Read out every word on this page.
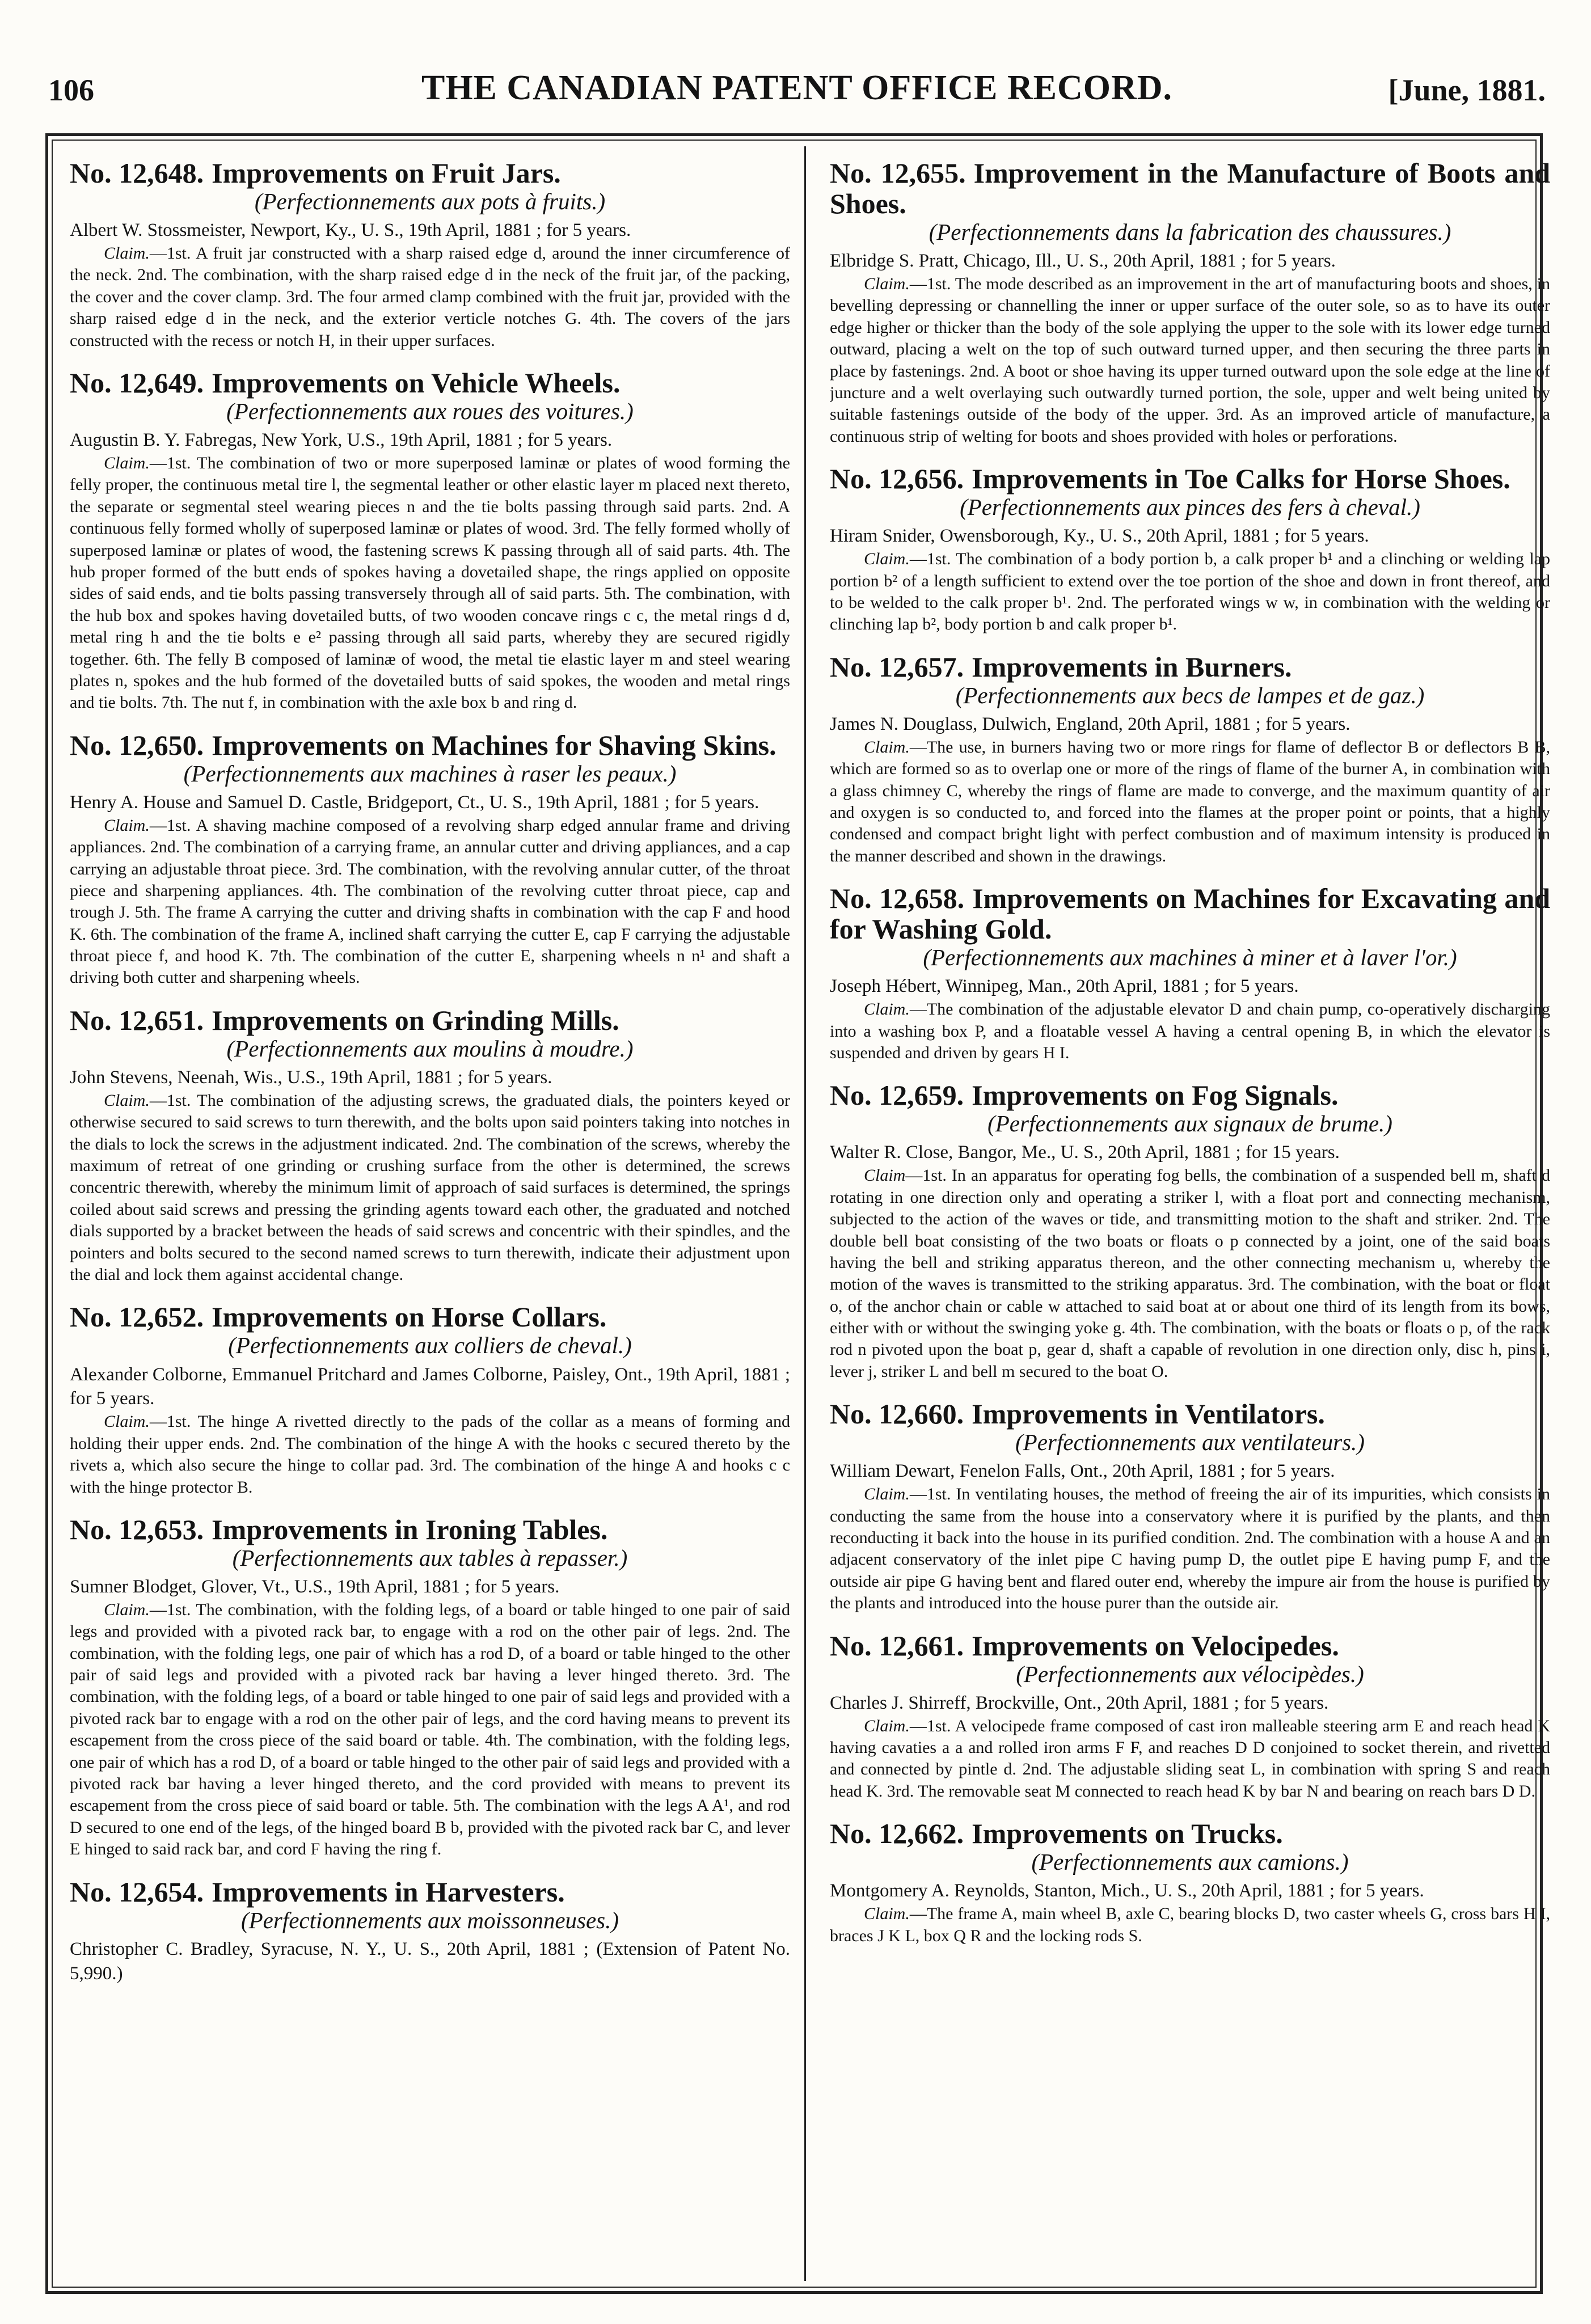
106	THE CANADIAN PATENT OFFICE RECORD.	[June, 1881.
No. 12,648. Improvements on Fruit Jars.
(Perfectionnements aux pots à fruits.)
Albert W. Stossmeister, Newport, Ky., U. S., 19th April, 1881 ; for 5 years.
Claim.—1st. A fruit jar constructed with a sharp raised edge d, around the inner circumference of the neck. 2nd. The combination, with the sharp raised edge d in the neck of the fruit jar, of the packing, the cover and the cover clamp. 3rd. The four armed clamp combined with the fruit jar, provided with the sharp raised edge d in the neck, and the exterior verticle notches G. 4th. The covers of the jars constructed with the recess or notch H, in their upper surfaces.
No. 12,649. Improvements on Vehicle Wheels.
(Perfectionnements aux roues des voitures.)
Augustin B. Y. Fabregas, New York, U.S., 19th April, 1881 ; for 5 years.
Claim.—1st. The combination of two or more superposed laminæ or plates of wood forming the felly proper, the continuous metal tire l, the segmental leather or other elastic layer m placed next thereto, the separate or segmental steel wearing pieces n and the tie bolts passing through said parts. 2nd. A continuous felly formed wholly of superposed laminæ or plates of wood. 3rd. The felly formed wholly of superposed laminæ or plates of wood, the fastening screws K passing through all of said parts. 4th. The hub proper formed of the butt ends of spokes having a dovetailed shape, the rings applied on opposite sides of said ends, and tie bolts passing transversely through all of said parts. 5th. The combination, with the hub box and spokes having dovetailed butts, of two wooden concave rings c c, the metal rings d d, metal ring h and the tie bolts e e² passing through all said parts, whereby they are secured rigidly together. 6th. The felly B composed of laminæ of wood, the metal tie elastic layer m and steel wearing plates n, spokes and the hub formed of the dovetailed butts of said spokes, the wooden and metal rings and tie bolts. 7th. The nut f, in combination with the axle box b and ring d.
No. 12,650. Improvements on Machines for Shaving Skins.
(Perfectionnements aux machines à raser les peaux.)
Henry A. House and Samuel D. Castle, Bridgeport, Ct., U. S., 19th April, 1881 ; for 5 years.
Claim.—1st. A shaving machine composed of a revolving sharp edged annular frame and driving appliances. 2nd. The combination of a carrying frame, an annular cutter and driving appliances, and a cap carrying an adjustable throat piece. 3rd. The combination, with the revolving annular cutter, of the throat piece and sharpening appliances. 4th. The combination of the revolving cutter throat piece, cap and trough J. 5th. The frame A carrying the cutter and driving shafts in combination with the cap F and hood K. 6th. The combination of the frame A, inclined shaft carrying the cutter E, cap F carrying the adjustable throat piece f, and hood K. 7th. The combination of the cutter E, sharpening wheels n n¹ and shaft a driving both cutter and sharpening wheels.
No. 12,651. Improvements on Grinding Mills.
(Perfectionnements aux moulins à moudre.)
John Stevens, Neenah, Wis., U.S., 19th April, 1881 ; for 5 years.
Claim.—1st. The combination of the adjusting screws, the graduated dials, the pointers keyed or otherwise secured to said screws to turn therewith, and the bolts upon said pointers taking into notches in the dials to lock the screws in the adjustment indicated. 2nd. The combination of the screws, whereby the maximum of retreat of one grinding or crushing surface from the other is determined, the screws concentric therewith, whereby the minimum limit of approach of said surfaces is determined, the springs coiled about said screws and pressing the grinding agents toward each other, the graduated and notched dials supported by a bracket between the heads of said screws and concentric with their spindles, and the pointers and bolts secured to the second named screws to turn therewith, indicate their adjustment upon the dial and lock them against accidental change.
No. 12,652. Improvements on Horse Collars.
(Perfectionnements aux colliers de cheval.)
Alexander Colborne, Emmanuel Pritchard and James Colborne, Paisley, Ont., 19th April, 1881 ; for 5 years.
Claim.—1st. The hinge A rivetted directly to the pads of the collar as a means of forming and holding their upper ends. 2nd. The combination of the hinge A with the hooks c secured thereto by the rivets a, which also secure the hinge to collar pad. 3rd. The combination of the hinge A and hooks c c with the hinge protector B.
No. 12,653. Improvements in Ironing Tables.
(Perfectionnements aux tables à repasser.)
Sumner Blodget, Glover, Vt., U.S., 19th April, 1881 ; for 5 years.
Claim.—1st. The combination, with the folding legs, of a board or table hinged to one pair of said legs and provided with a pivoted rack bar, to engage with a rod on the other pair of legs. 2nd. The combination, with the folding legs, one pair of which has a rod D, of a board or table hinged to the other pair of said legs and provided with a pivoted rack bar having a lever hinged thereto. 3rd. The combination, with the folding legs, of a board or table hinged to one pair of said legs and provided with a pivoted rack bar to engage with a rod on the other pair of legs, and the cord having means to prevent its escapement from the cross piece of the said board or table. 4th. The combination, with the folding legs, one pair of which has a rod D, of a board or table hinged to the other pair of said legs and provided with a pivoted rack bar having a lever hinged thereto, and the cord provided with means to prevent its escapement from the cross piece of said board or table. 5th. The combination with the legs A A¹, and rod D secured to one end of the legs, of the hinged board B b, provided with the pivoted rack bar C, and lever E hinged to said rack bar, and cord F having the ring f.
No. 12,654. Improvements in Harvesters.
(Perfectionnements aux moissonneuses.)
Christopher C. Bradley, Syracuse, N. Y., U. S., 20th April, 1881 ; (Extension of Patent No. 5,990.)
No. 12,655. Improvement in the Manufacture of Boots and Shoes.
(Perfectionnements dans la fabrication des chaussures.)
Elbridge S. Pratt, Chicago, Ill., U. S., 20th April, 1881 ; for 5 years.
Claim.—1st. The mode described as an improvement in the art of manufacturing boots and shoes, in bevelling depressing or channelling the inner or upper surface of the outer sole, so as to have its outer edge higher or thicker than the body of the sole applying the upper to the sole with its lower edge turned outward, placing a welt on the top of such outward turned upper, and then securing the three parts in place by fastenings. 2nd. A boot or shoe having its upper turned outward upon the sole edge at the line of juncture and a welt overlaying such outwardly turned portion, the sole, upper and welt being united by suitable fastenings outside of the body of the upper. 3rd. As an improved article of manufacture, a continuous strip of welting for boots and shoes provided with holes or perforations.
No. 12,656. Improvements in Toe Calks for Horse Shoes.
(Perfectionnements aux pinces des fers à cheval.)
Hiram Snider, Owensborough, Ky., U. S., 20th April, 1881 ; for 5 years.
Claim.—1st. The combination of a body portion b, a calk proper b¹ and a clinching or welding lap portion b² of a length sufficient to extend over the toe portion of the shoe and down in front thereof, and to be welded to the calk proper b¹. 2nd. The perforated wings w w, in combination with the welding or clinching lap b², body portion b and calk proper b¹.
No. 12,657. Improvements in Burners.
(Perfectionnements aux becs de lampes et de gaz.)
James N. Douglass, Dulwich, England, 20th April, 1881 ; for 5 years.
Claim.—The use, in burners having two or more rings for flame of deflector B or deflectors B B, which are formed so as to overlap one or more of the rings of flame of the burner A, in combination with a glass chimney C, whereby the rings of flame are made to converge, and the maximum quantity of air and oxygen is so conducted to, and forced into the flames at the proper point or points, that a highly condensed and compact bright light with perfect combustion and of maximum intensity is produced in the manner described and shown in the drawings.
No. 12,658. Improvements on Machines for Excavating and for Washing Gold.
(Perfectionnements aux machines à miner et à laver l'or.)
Joseph Hébert, Winnipeg, Man., 20th April, 1881 ; for 5 years.
Claim.—The combination of the adjustable elevator D and chain pump, co-operatively discharging into a washing box P, and a floatable vessel A having a central opening B, in which the elevator is suspended and driven by gears H I.
No. 12,659. Improvements on Fog Signals.
(Perfectionnements aux signaux de brume.)
Walter R. Close, Bangor, Me., U. S., 20th April, 1881 ; for 15 years.
Claim—1st. In an apparatus for operating fog bells, the combination of a suspended bell m, shaft d rotating in one direction only and operating a striker l, with a float port and connecting mechanism, subjected to the action of the waves or tide, and transmitting motion to the shaft and striker. 2nd. The double bell boat consisting of the two boats or floats o p connected by a joint, one of the said boats having the bell and striking apparatus thereon, and the other connecting mechanism u, whereby the motion of the waves is transmitted to the striking apparatus. 3rd. The combination, with the boat or float o, of the anchor chain or cable w attached to said boat at or about one third of its length from its bows, either with or without the swinging yoke g. 4th. The combination, with the boats or floats o p, of the rack rod n pivoted upon the boat p, gear d, shaft a capable of revolution in one direction only, disc h, pins i, lever j, striker L and bell m secured to the boat O.
No. 12,660. Improvements in Ventilators.
(Perfectionnements aux ventilateurs.)
William Dewart, Fenelon Falls, Ont., 20th April, 1881 ; for 5 years.
Claim.—1st. In ventilating houses, the method of freeing the air of its impurities, which consists in conducting the same from the house into a conservatory where it is purified by the plants, and then reconducting it back into the house in its purified condition. 2nd. The combination with a house A and an adjacent conservatory of the inlet pipe C having pump D, the outlet pipe E having pump F, and the outside air pipe G having bent and flared outer end, whereby the impure air from the house is purified by the plants and introduced into the house purer than the outside air.
No. 12,661. Improvements on Velocipedes.
(Perfectionnements aux vélocipèdes.)
Charles J. Shirreff, Brockville, Ont., 20th April, 1881 ; for 5 years.
Claim.—1st. A velocipede frame composed of cast iron malleable steering arm E and reach head K having cavaties a a and rolled iron arms F F, and reaches D D conjoined to socket therein, and rivetted and connected by pintle d. 2nd. The adjustable sliding seat L, in combination with spring S and reach head K. 3rd. The removable seat M connected to reach head K by bar N and bearing on reach bars D D.
No. 12,662. Improvements on Trucks.
(Perfectionnements aux camions.)
Montgomery A. Reynolds, Stanton, Mich., U. S., 20th April, 1881 ; for 5 years.
Claim.—The frame A, main wheel B, axle C, bearing blocks D, two caster wheels G, cross bars H I, braces J K L, box Q R and the locking rods S.
